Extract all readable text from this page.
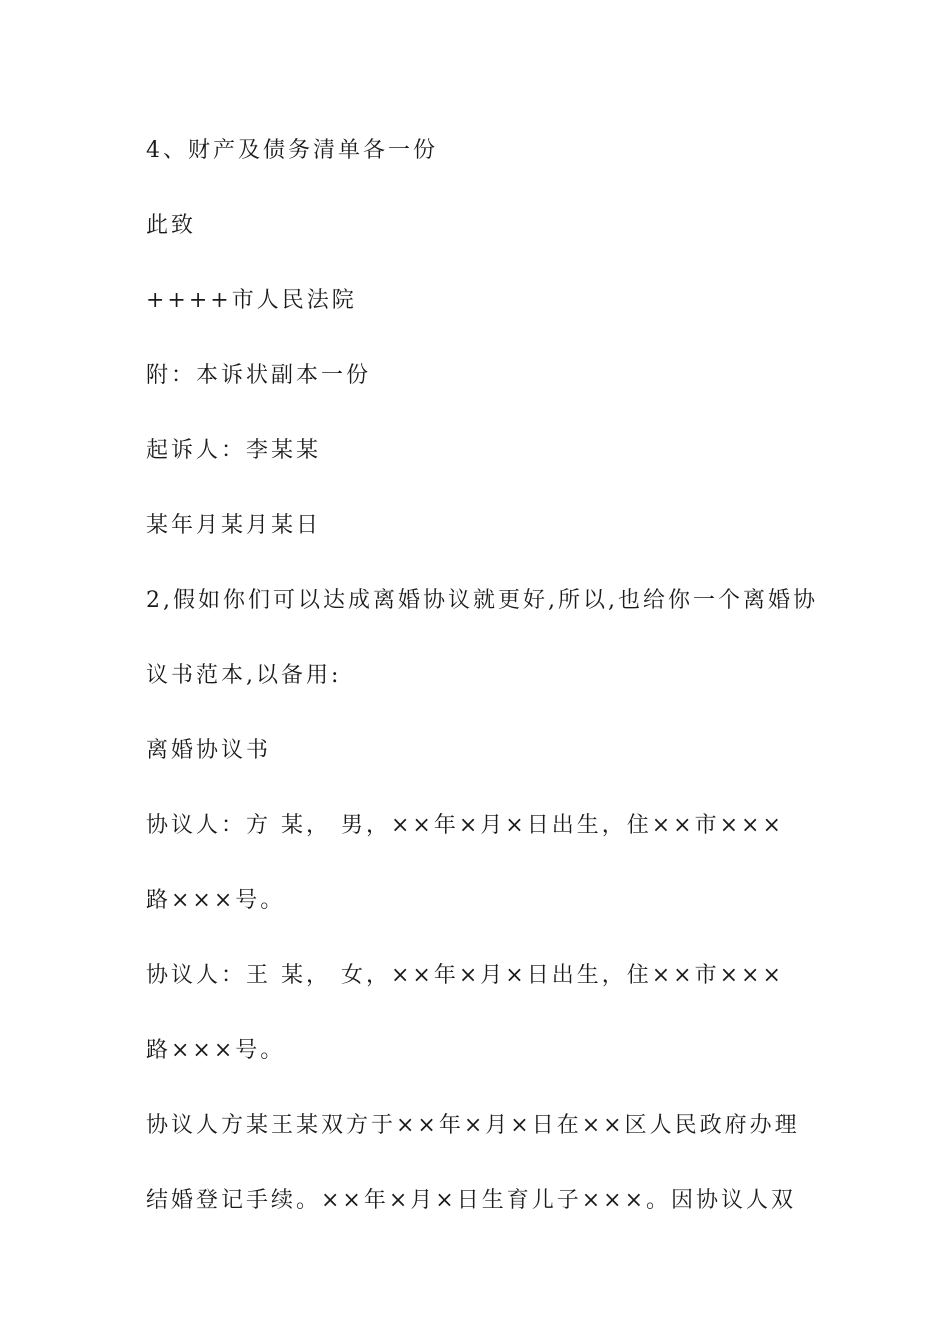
4、财产及债务清单各一份
此致
++++市人民法院
附：本诉状副本一份
起诉人：李某某
某年月某月某日
2,假如你们可以达成离婚协议就更好,所以,也给你一个离婚协
议书范本,以备用:
离婚协议书
协议人：方 某， 男，××年×月×日出生，住××市×××
路×××号。
协议人：王 某， 女，××年×月×日出生，住××市×××
路×××号。
协议人方某王某双方于××年×月×日在××区人民政府办理
结婚登记手续。××年×月×日生育儿子×××。因协议人双
